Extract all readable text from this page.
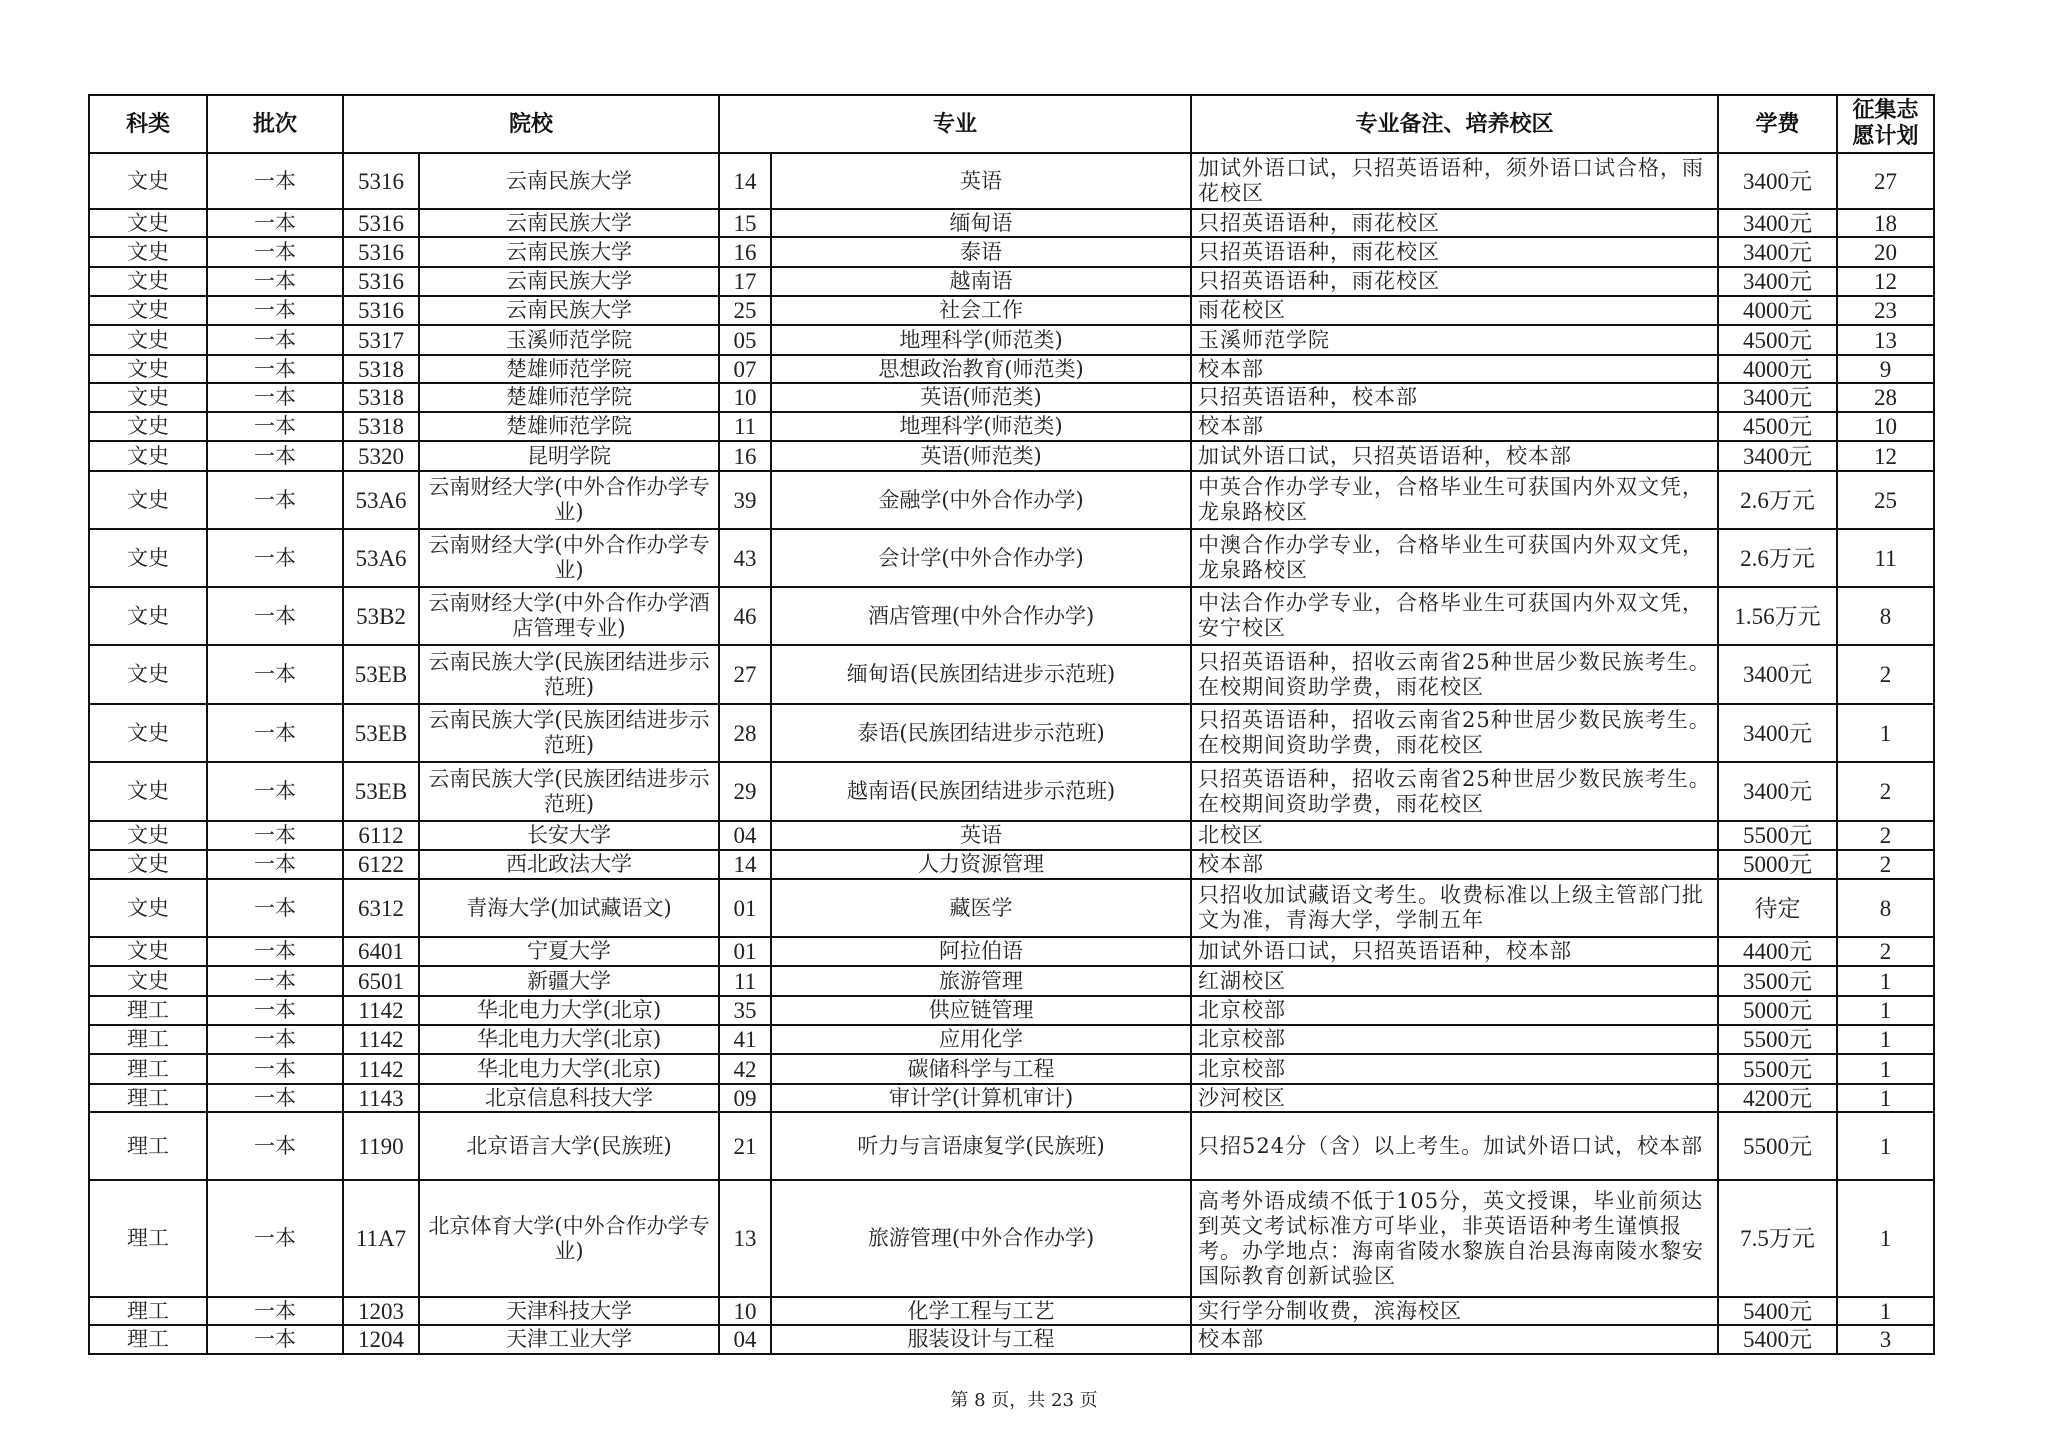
科类	批次	院校		专业		专业备注、培养校区	学费	征集志愿计划
文史	一本	5316	云南民族大学	14	英语	加试外语口试，只招英语语种，须外语口试合格，雨花校区	3400元	27
文史	一本	5316	云南民族大学	15	缅甸语	只招英语语种，雨花校区	3400元	18
文史	一本	5316	云南民族大学	16	泰语	只招英语语种，雨花校区	3400元	20
文史	一本	5316	云南民族大学	17	越南语	只招英语语种，雨花校区	3400元	12
文史	一本	5316	云南民族大学	25	社会工作	雨花校区	4000元	23
文史	一本	5317	玉溪师范学院	05	地理科学(师范类)	玉溪师范学院	4500元	13
文史	一本	5318	楚雄师范学院	07	思想政治教育(师范类)	校本部	4000元	9
文史	一本	5318	楚雄师范学院	10	英语(师范类)	只招英语语种，校本部	3400元	28
文史	一本	5318	楚雄师范学院	11	地理科学(师范类)	校本部	4500元	10
文史	一本	5320	昆明学院	16	英语(师范类)	加试外语口试，只招英语语种，校本部	3400元	12
文史	一本	53A6	云南财经大学(中外合作办学专业)	39	金融学(中外合作办学)	中英合作办学专业，合格毕业生可获国内外双文凭，龙泉路校区	2.6万元	25
文史	一本	53A6	云南财经大学(中外合作办学专业)	43	会计学(中外合作办学)	中澳合作办学专业，合格毕业生可获国内外双文凭，龙泉路校区	2.6万元	11
文史	一本	53B2	云南财经大学(中外合作办学酒店管理专业)	46	酒店管理(中外合作办学)	中法合作办学专业，合格毕业生可获国内外双文凭，安宁校区	1.56万元	8
文史	一本	53EB	云南民族大学(民族团结进步示范班)	27	缅甸语(民族团结进步示范班)	只招英语语种，招收云南省25种世居少数民族考生。在校期间资助学费，雨花校区	3400元	2
文史	一本	53EB	云南民族大学(民族团结进步示范班)	28	泰语(民族团结进步示范班)	只招英语语种，招收云南省25种世居少数民族考生。在校期间资助学费，雨花校区	3400元	1
文史	一本	53EB	云南民族大学(民族团结进步示范班)	29	越南语(民族团结进步示范班)	只招英语语种，招收云南省25种世居少数民族考生。在校期间资助学费，雨花校区	3400元	2
文史	一本	6112	长安大学	04	英语	北校区	5500元	2
文史	一本	6122	西北政法大学	14	人力资源管理	校本部	5000元	2
文史	一本	6312	青海大学(加试藏语文)	01	藏医学	只招收加试藏语文考生。收费标准以上级主管部门批文为准，青海大学，学制五年	待定	8
文史	一本	6401	宁夏大学	01	阿拉伯语	加试外语口试，只招英语语种，校本部	4400元	2
文史	一本	6501	新疆大学	11	旅游管理	红湖校区	3500元	1
理工	一本	1142	华北电力大学(北京)	35	供应链管理	北京校部	5000元	1
理工	一本	1142	华北电力大学(北京)	41	应用化学	北京校部	5500元	1
理工	一本	1142	华北电力大学(北京)	42	碳储科学与工程	北京校部	5500元	1
理工	一本	1143	北京信息科技大学	09	审计学(计算机审计)	沙河校区	4200元	1
理工	一本	1190	北京语言大学(民族班)	21	听力与言语康复学(民族班)	只招524分（含）以上考生。加试外语口试，校本部	5500元	1
理工	一本	11A7	北京体育大学(中外合作办学专业)	13	旅游管理(中外合作办学)	高考外语成绩不低于105分，英文授课，毕业前须达到英文考试标准方可毕业，非英语语种考生谨慎报考。办学地点：海南省陵水黎族自治县海南陵水黎安国际教育创新试验区	7.5万元	1
理工	一本	1203	天津科技大学	10	化学工程与工艺	实行学分制收费，滨海校区	5400元	1
理工	一本	1204	天津工业大学	04	服装设计与工程	校本部	5400元	3
第 8 页，共 23 页
